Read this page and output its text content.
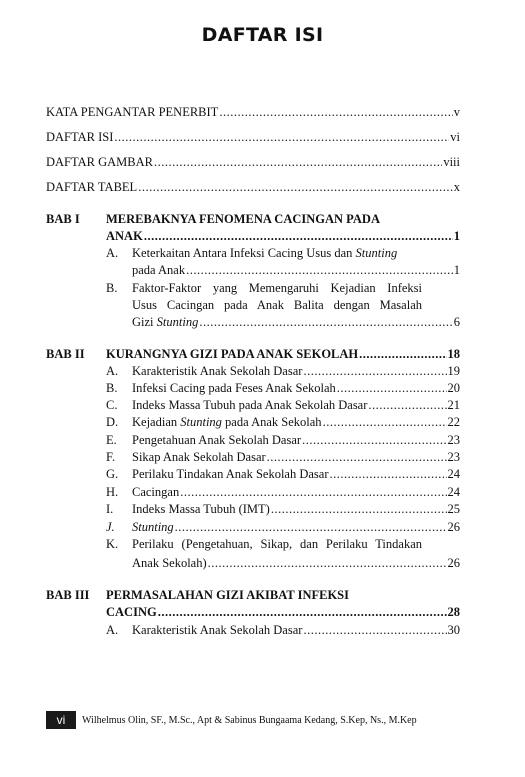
DAFTAR ISI
KATA PENGANTAR PENERBIT .....	v
DAFTAR ISI .....	vi
DAFTAR GAMBAR .....	viii
DAFTAR TABEL .....	x
BAB I MEREBAKNYA FENOMENA CACINGAN PADA
ANAK .....	1
A. Keterkaitan Antara Infeksi Cacing Usus dan Stunting
pada Anak .....	1
B. Faktor-Faktor yang Memengaruhi Kejadian Infeksi
Usus Cacingan pada Anak Balita dengan Masalah
Gizi Stunting .....	6
BAB II KURANGNYA GIZI PADA ANAK SEKOLAH .....	18
A. Karakteristik Anak Sekolah Dasar .....	19
B. Infeksi Cacing pada Feses Anak Sekolah .....	20
C. Indeks Massa Tubuh pada Anak Sekolah Dasar .....	21
D. Kejadian Stunting pada Anak Sekolah .....	22
E. Pengetahuan Anak Sekolah Dasar .....	23
F. Sikap Anak Sekolah Dasar .....	23
G. Perilaku Tindakan Anak Sekolah Dasar .....	24
H. Cacingan .....	24
I. Indeks Massa Tubuh (IMT) .....	25
J. Stunting .....	26
K. Perilaku (Pengetahuan, Sikap, dan Perilaku Tindakan
Anak Sekolah) .....	26
BAB III PERMASALAHAN GIZI AKIBAT INFEKSI
CACING .....	28
A. Karakteristik Anak Sekolah Dasar .....	30
vi	Wilhelmus Olin, SF., M.Sc., Apt & Sabinus Bungaama Kedang, S.Kep, Ns., M.Kep
